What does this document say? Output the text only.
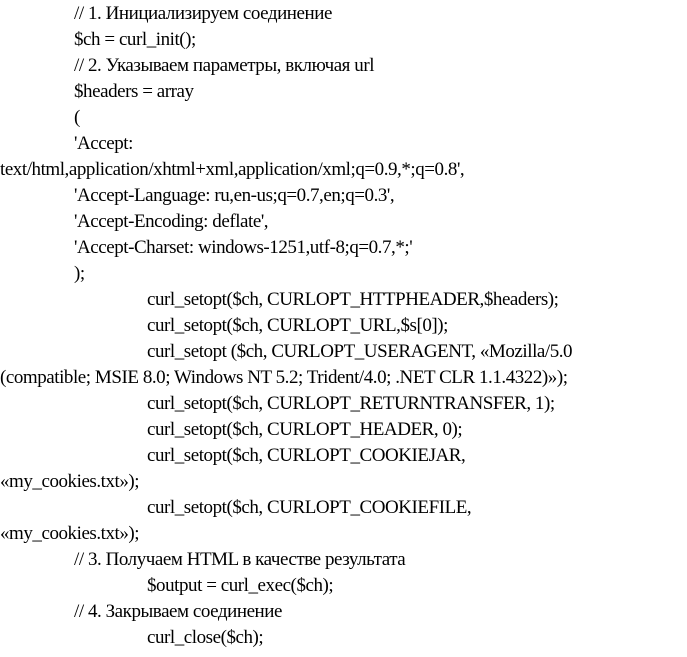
// 1. Инициализируем соединение
$ch = curl_init();
// 2. Указываем параметры, включая url
$headers = array
(
'Accept:
text/html,application/xhtml+xml,application/xml;q=0.9,*;q=0.8',
'Accept-Language: ru,en-us;q=0.7,en;q=0.3',
'Accept-Encoding: deflate',
'Accept-Charset: windows-1251,utf-8;q=0.7,*;'
);
curl_setopt($ch, CURLOPT_HTTPHEADER,$headers);
curl_setopt($ch, CURLOPT_URL,$s[0]);
curl_setopt ($ch, CURLOPT_USERAGENT, «Mozilla/5.0
(compatible; MSIE 8.0; Windows NT 5.2; Trident/4.0; .NET CLR 1.1.4322)»);
curl_setopt($ch, CURLOPT_RETURNTRANSFER, 1);
curl_setopt($ch, CURLOPT_HEADER, 0);
curl_setopt($ch, CURLOPT_COOKIEJAR,
«my_cookies.txt»);
curl_setopt($ch, CURLOPT_COOKIEFILE,
«my_cookies.txt»);
// 3. Получаем HTML в качестве результата
$output = curl_exec($ch);
// 4. Закрываем соединение
curl_close($ch);
